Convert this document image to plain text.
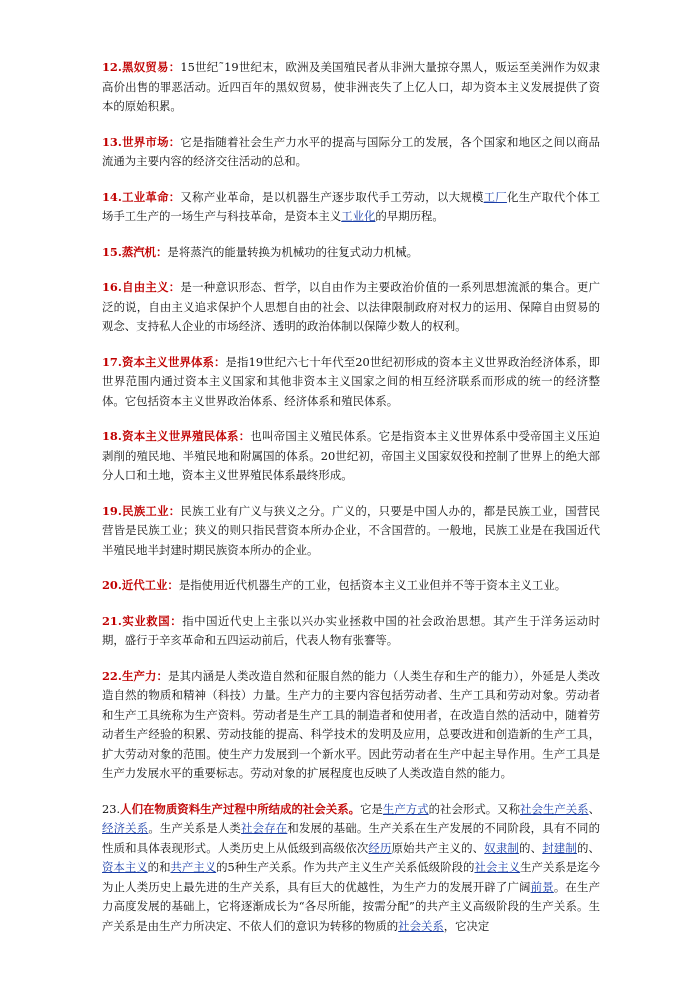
12.黑奴贸易：15世纪˜19世纪末，欧洲及美国殖民者从非洲大量掠夺黑人，贩运至美洲作为奴隶高价出售的罪恶活动。近四百年的黑奴贸易，使非洲丧失了上亿人口，却为资本主义发展提供了资本的原始积累。

13.世界市场：它是指随着社会生产力水平的提高与国际分工的发展，各个国家和地区之间以商品流通为主要内容的经济交往活动的总和。

14.工业革命：又称产业革命，是以机器生产逐步取代手工劳动，以大规模工厂化生产取代个体工场手工生产的一场生产与科技革命，是资本主义工业化的早期历程。

15.蒸汽机：是将蒸汽的能量转换为机械功的往复式动力机械。

16.自由主义：是一种意识形态、哲学，以自由作为主要政治价值的一系列思想流派的集合。更广泛的说，自由主义追求保护个人思想自由的社会、以法律限制政府对权力的运用、保障自由贸易的观念、支持私人企业的市场经济、透明的政治体制以保障少数人的权利。

17.资本主义世界体系：是指19世纪六七十年代至20世纪初形成的资本主义世界政治经济体系，即世界范围内通过资本主义国家和其他非资本主义国家之间的相互经济联系而形成的统一的经济整体。它包括资本主义世界政治体系、经济体系和殖民体系。

18.资本主义世界殖民体系：也叫帝国主义殖民体系。它是指资本主义世界体系中受帝国主义压迫剥削的殖民地、半殖民地和附属国的体系。20世纪初，帝国主义国家奴役和控制了世界上的绝大部分人口和土地，资本主义世界殖民体系最终形成。

19.民族工业：民族工业有广义与狭义之分。广义的，只要是中国人办的，都是民族工业，国营民营皆是民族工业；狭义的则只指民营资本所办企业，不含国营的。一般地，民族工业是在我国近代半殖民地半封建时期民族资本所办的企业。

20.近代工业：是指使用近代机器生产的工业，包括资本主义工业但并不等于资本主义工业。

21.实业救国：指中国近代史上主张以兴办实业拯救中国的社会政治思想。其产生于洋务运动时期，盛行于辛亥革命和五四运动前后，代表人物有张謇等。

22.生产力：是其内涵是人类改造自然和征服自然的能力（人类生存和生产的能力），外延是人类改造自然的物质和精神（科技）力量。生产力的主要内容包括劳动者、生产工具和劳动对象。劳动者和生产工具统称为生产资料。劳动者是生产工具的制造者和使用者，在改造自然的活动中，随着劳动者生产经验的积累、劳动技能的提高、科学技术的发明及应用，总要改进和创造新的生产工具，扩大劳动对象的范围。使生产力发展到一个新水平。因此劳动者在生产中起主导作用。生产工具是生产力发展水平的重要标志。劳动对象的扩展程度也反映了人类改造自然的能力。

23.人们在物质资料生产过程中所结成的社会关系。它是生产方式的社会形式。又称社会生产关系、经济关系。生产关系是人类社会存在和发展的基础。生产关系在生产发展的不同阶段，具有不同的性质和具体表现形式。人类历史上从低级到高级依次经历原始共产主义的、奴隶制的、封建制的、资本主义的和共产主义的5种生产关系。作为共产主义生产关系低级阶段的社会主义生产关系是迄今为止人类历史上最先进的生产关系，具有巨大的优越性，为生产力的发展开辟了广阔前景。在生产力高度发展的基础上，它将逐渐成长为“各尽所能，按需分配”的共产主义高级阶段的生产关系。生产关系是由生产力所决定、不依人们的意识为转移的物质的社会关系，它决定
